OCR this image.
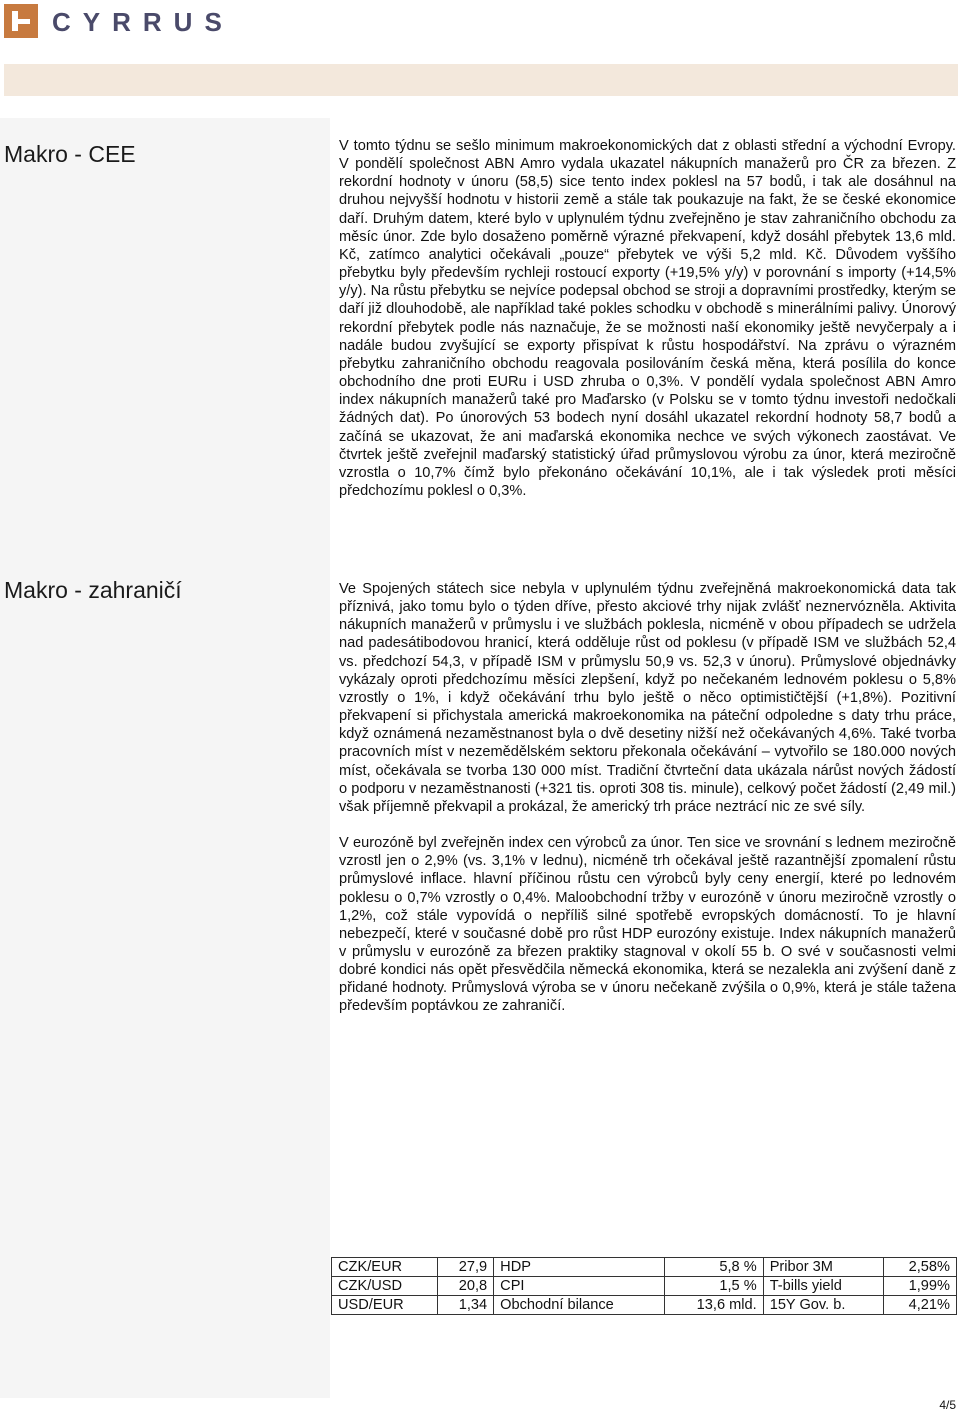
CYRRUS
Makro - CEE	V tomto týdnu se sešlo minimum makroekonomických dat z oblasti střední a východní Evropy. V pondělí společnost ABN Amro vydala ukazatel nákupních manažerů pro ČR za březen. Z rekordní hodnoty v únoru (58,5) sice tento index poklesl na 57 bodů, i tak ale dosáhnul na druhou nejvyšší hodnotu v historii země a stále tak poukazuje na fakt, že se české ekonomice daří. Druhým datem, které bylo v uplynulém týdnu zveřejněno je stav zahraničního obchodu za měsíc únor. Zde bylo dosaženo poměrně výrazné překvapení, když dosáhl přebytek 13,6 mld. Kč, zatímco analytici očekávali „pouze“ přebytek ve výši 5,2 mld. Kč. Důvodem vyššího přebytku byly především rychleji rostoucí exporty (+19,5% y/y) v porovnání s importy (+14,5% y/y). Na růstu přebytku se nejvíce podepsal obchod se stroji a dopravními prostředky, kterým se daří již dlouhodobě, ale například také pokles schodku v obchodě s minerálními palivy. Únorový rekordní přebytek podle nás naznačuje, že se možnosti naší ekonomiky ještě nevyčerpaly a i nadále budou zvyšující se exporty přispívat k růstu hospodářství. Na zprávu o výrazném přebytku zahraničního obchodu reagovala posilováním česká měna, která posílila do konce obchodního dne proti EURu i USD zhruba o 0,3%. V pondělí vydala společnost ABN Amro index nákupních manažerů také pro Maďarsko (v Polsku se v tomto týdnu investoři nedočkali žádných dat). Po únorových 53 bodech nyní dosáhl ukazatel rekordní hodnoty 58,7 bodů a začíná se ukazovat, že ani maďarská ekonomika nechce ve svých výkonech zaostávat. Ve čtvrtek ještě zveřejnil maďarský statistický úřad průmyslovou výrobu za únor, která meziročně vzrostla o 10,7% čímž bylo překonáno očekávání 10,1%, ale i tak výsledek proti měsíci předchozímu poklesl o 0,3%.

Makro - zahraničí	Ve Spojených státech sice nebyla v uplynulém týdnu zveřejněná makroekonomická data tak příznivá, jako tomu bylo o týden dříve, přesto akciové trhy nijak zvlášť neznervózněla. Aktivita nákupních manažerů v průmyslu i ve službách poklesla, nicméně v obou případech se udržela nad padesátibodovou hranicí, která odděluje růst od poklesu (v případě ISM ve službách 52,4 vs. předchozí 54,3, v případě ISM v průmyslu 50,9 vs. 52,3 v únoru). Průmyslové objednávky vykázaly oproti předchozímu měsíci zlepšení, když po nečekaném lednovém poklesu o 5,8% vzrostly o 1%, i když očekávání trhu bylo ještě o něco optimističtější (+1,8%). Pozitivní překvapení si přichystala americká makroekonomika na páteční odpoledne s daty trhu práce, když oznámená nezaměstnanost byla o dvě desetiny nižší než očekávaných 4,6%. Také tvorba pracovních míst v nezemědělském sektoru překonala očekávání – vytvořilo se 180.000 nových míst, očekávala se tvorba 130 000 míst. Tradiční čtvrteční data ukázala nárůst nových žádostí o podporu v nezaměstnanosti (+321 tis. oproti 308 tis. minule), celkový počet žádostí (2,49 mil.) však příjemně překvapil a prokázal, že americký trh práce neztrácí nic ze své síly.

V eurozóně byl zveřejněn index cen výrobců za únor. Ten sice ve srovnání s lednem meziročně vzrostl jen o 2,9% (vs. 3,1% v lednu), nicméně trh očekával ještě razantnější zpomalení růstu průmyslové inflace. hlavní příčinou růstu cen výrobců byly ceny energií, které po lednovém poklesu o 0,7% vzrostly o 0,4%. Maloobchodní tržby v eurozóně v únoru meziročně vzrostly o 1,2%, což stále vypovídá o nepříliš silné spotřebě evropských domácností. To je hlavní nebezpečí, které v současné době pro růst HDP eurozóny existuje. Index nákupních manažerů v průmyslu v eurozóně za březen praktiky stagnoval v okolí 55 b. O své v současnosti velmi dobré kondici nás opět přesvědčila německá ekonomika, která se nezalekla ani zvýšení daně z přidané hodnoty. Průmyslová výroba se v únoru nečekaně zvýšila o 0,9%, která je stále tažena především poptávkou ze zahraničí.

CZK/EUR	27,9	HDP	5,8 %	Pribor 3M	2,58%
CZK/USD	20,8	CPI	1,5 %	T-bills yield	1,99%
USD/EUR	1,34	Obchodní bilance	13,6 mld.	15Y Gov. b.	4,21%
4/5
